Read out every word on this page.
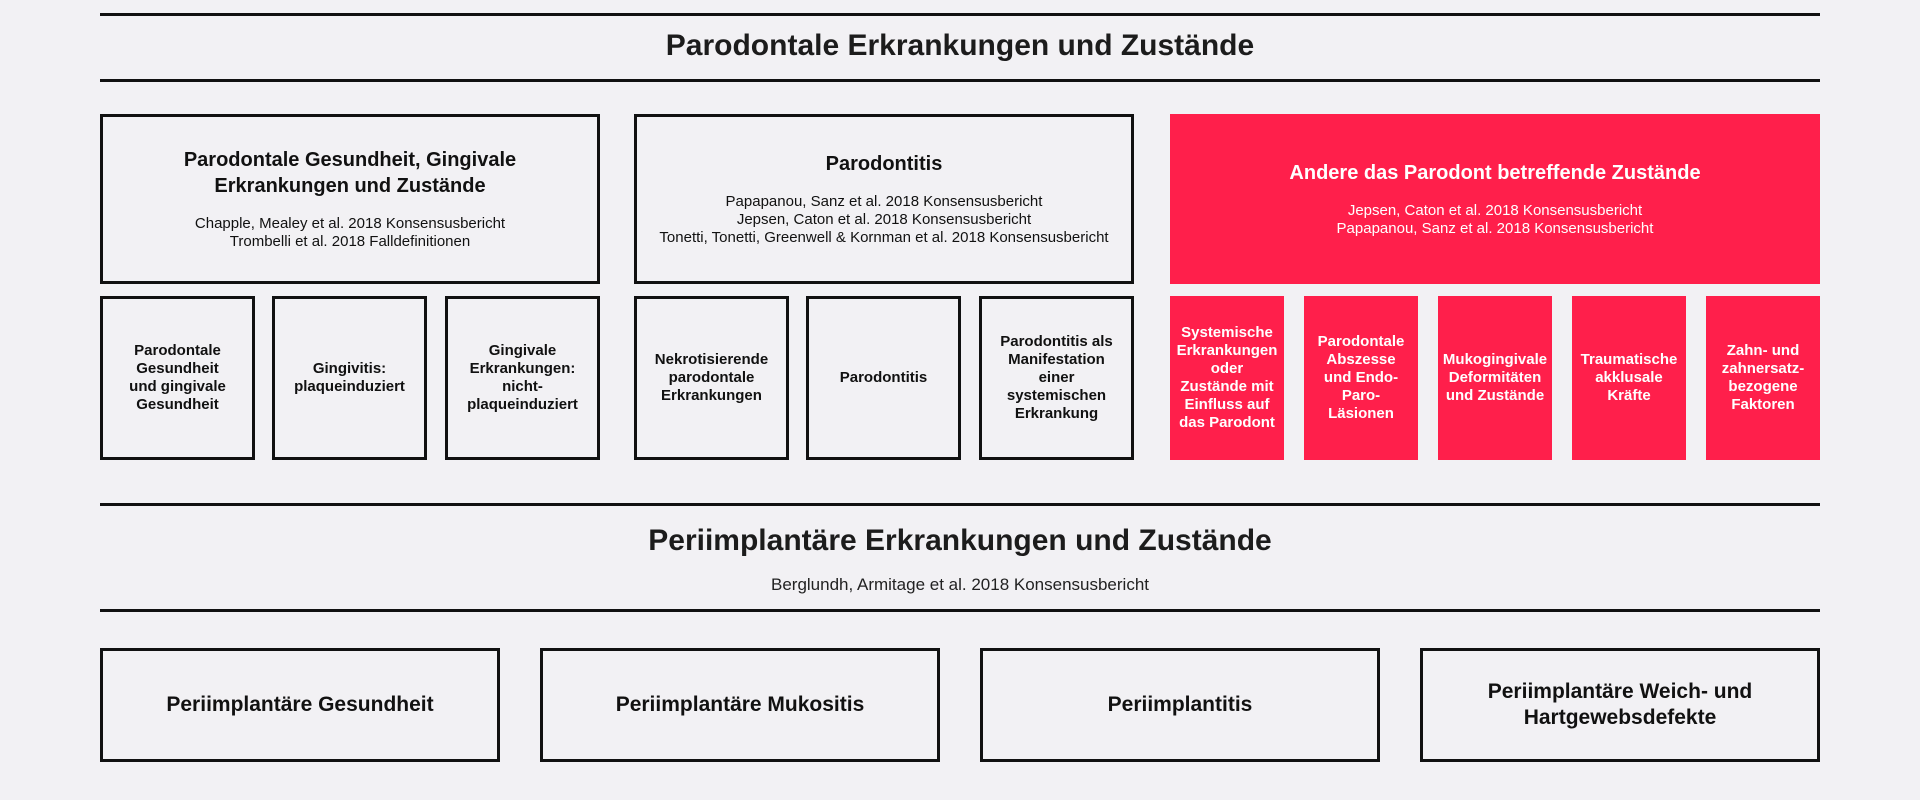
Parodontale Erkrankungen und Zustände
Parodontale Gesundheit, Gingivale Erkrankungen und Zustände
Chapple, Mealey et al. 2018 Konsensusbericht
Trombelli et al. 2018 Falldefinitionen
Parodontitis
Papapanou, Sanz et al. 2018 Konsensusbericht
Jepsen, Caton et al. 2018 Konsensusbericht
Tonetti, Tonetti, Greenwell & Kornman et al. 2018 Konsensusbericht
Andere das Parodont betreffende Zustände
Jepsen, Caton et al. 2018 Konsensusbericht
Papapanou, Sanz et al. 2018 Konsensusbericht
Parodontale
Gesundheit
und gingivale
Gesundheit
Gingivitis:
plaqueinduziert
Gingivale
Erkrankungen:
nicht-
plaqueinduziert
Nekrotisierende
parodontale
Erkrankungen
Parodontitis
Parodontitis als
Manifestation
einer
systemischen
Erkrankung
Systemische
Erkrankungen
oder
Zustände mit
Einfluss auf
das Parodont
Parodontale
Abszesse
und Endo-
Paro-Läsionen
Mukogingivale
Deformitäten
und Zustände
Traumatische
akklusale
Kräfte
Zahn- und
zahnersatz-
bezogene
Faktoren
Periimplantäre Erkrankungen und Zustände
Berglundh, Armitage et al. 2018 Konsensusbericht
Periimplantäre Gesundheit	Periimplantäre Mukositis	Periimplantitis
Periimplantäre Weich- und
Hartgewebsdefekte
